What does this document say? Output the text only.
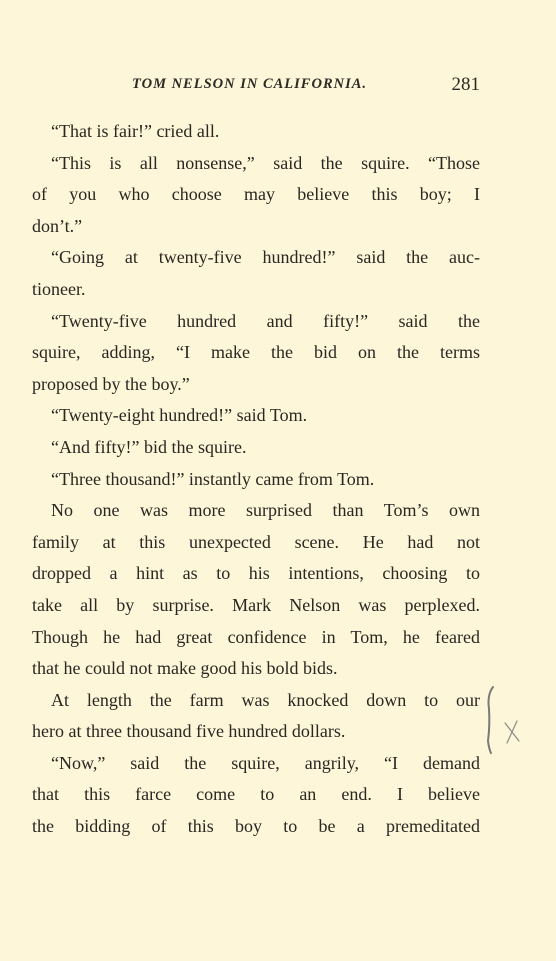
TOM NELSON IN CALIFORNIA.	281
“That is fair!” cried all.
“This is all nonsense,” said the squire. “Those
of you who choose may believe this boy; I
don’t.”
“Going at twenty-five hundred!” said the auc-
tioneer.
“Twenty-five hundred and fifty!” said the
squire, adding, “I make the bid on the terms
proposed by the boy.”
“Twenty-eight hundred!” said Tom.
“And fifty!” bid the squire.
“Three thousand!” instantly came from Tom.
No one was more surprised than Tom’s own
family at this unexpected scene. He had not
dropped a hint as to his intentions, choosing to
take all by surprise. Mark Nelson was perplexed.
Though he had great confidence in Tom, he feared
that he could not make good his bold bids.
At length the farm was knocked down to our
hero at three thousand five hundred dollars.
“Now,” said the squire, angrily, “I demand
that this farce come to an end. I believe
the bidding of this boy to be a premeditated
